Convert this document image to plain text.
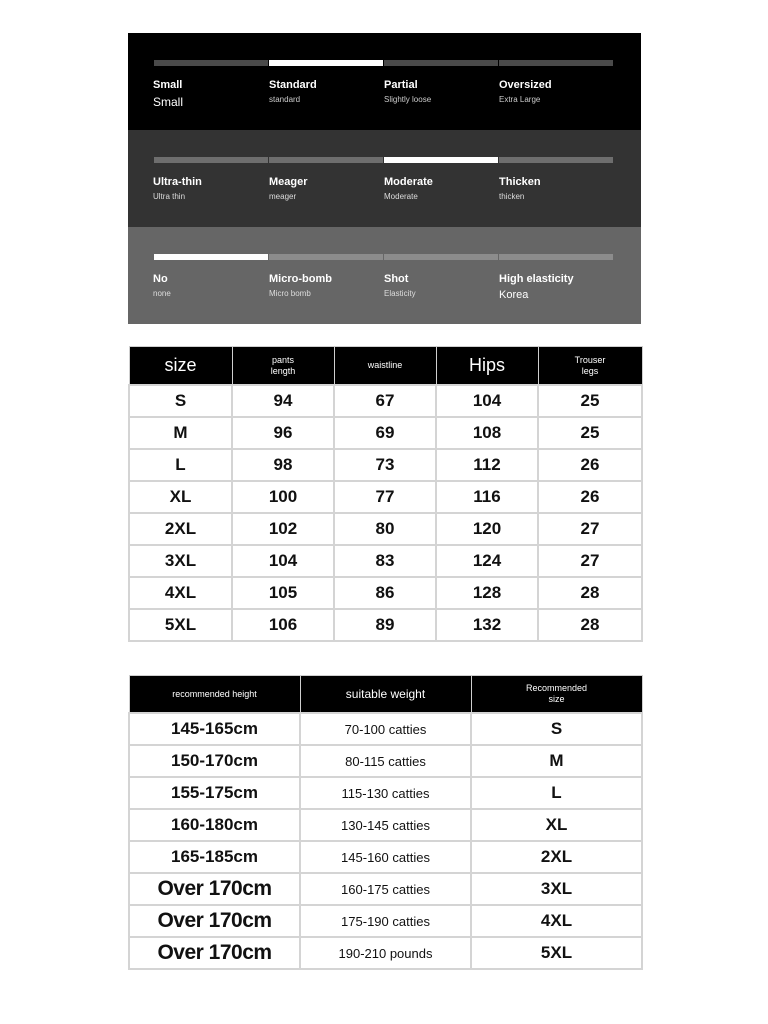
Small
Small
Standard
standard
Partial
Slightly loose
Oversized
Extra Large
Ultra-thin
Ultra thin
Meager
meager
Moderate
Moderate
Thicken
thicken
No
none
Micro-bomb
Micro bomb
Shot
Elasticity
High elasticity
Korea
size	pants
length	waistline	Hips	Trouser
legs
S	94	67	104	25
M	96	69	108	25
L	98	73	112	26
XL	100	77	116	26
2XL	102	80	120	27
3XL	104	83	124	27
4XL	105	86	128	28
5XL	106	89	132	28
recommended height	suitable weight	Recommended
size
145-165cm	70-100 catties	S
150-170cm	80-115 catties	M
155-175cm	115-130 catties	L
160-180cm	130-145 catties	XL
165-185cm	145-160 catties	2XL
Over 170cm	160-175 catties	3XL
Over 170cm	175-190 catties	4XL
Over 170cm	190-210 pounds	5XL
